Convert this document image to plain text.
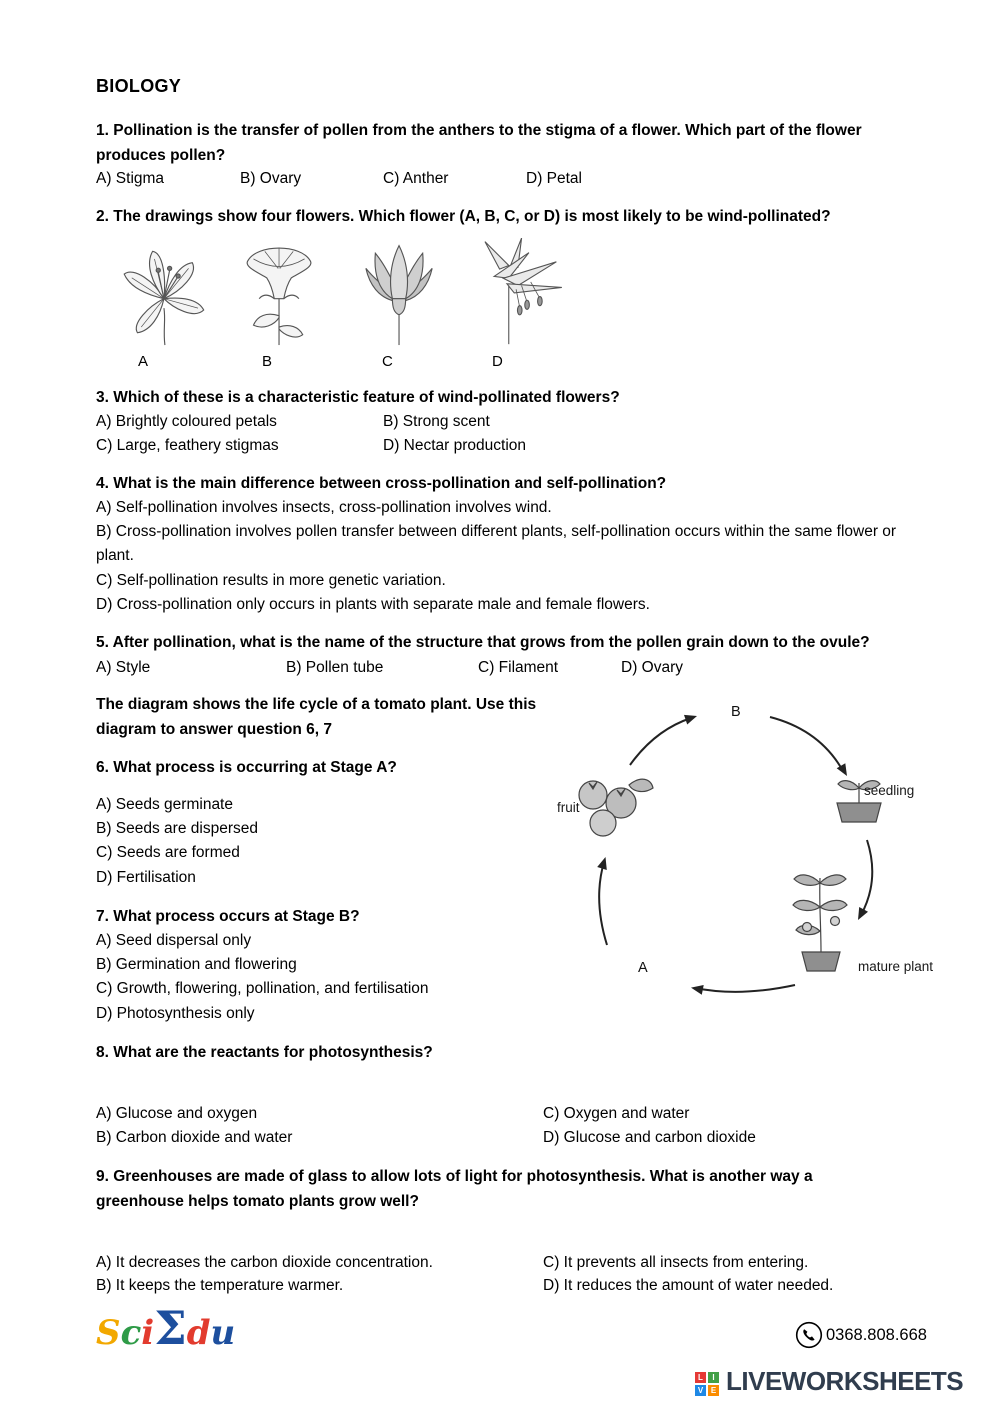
BIOLOGY
1. Pollination is the transfer of pollen from the anthers to the stigma of a flower. Which part of the flower produces pollen?
A) Stigma	B) Ovary	C) Anther	D) Petal
2. The drawings show four flowers. Which flower (A, B, C, or D) is most likely to be wind-pollinated?
A	B	C	D
3. Which of these is a characteristic feature of wind-pollinated flowers?
A) Brightly coloured petals	B) Strong scent
C) Large, feathery stigmas	D) Nectar production
4. What is the main difference between cross-pollination and self-pollination?
A) Self-pollination involves insects, cross-pollination involves wind.
B) Cross-pollination involves pollen transfer between different plants, self-pollination occurs within the same flower or plant.
C) Self-pollination results in more genetic variation.
D) Cross-pollination only occurs in plants with separate male and female flowers.
5. After pollination, what is the name of the structure that grows from the pollen grain down to the ovule?
A) Style	B) Pollen tube	C) Filament	D) Ovary
The diagram shows the life cycle of a tomato plant. Use this diagram to answer question 6, 7
6. What process is occurring at Stage A?
A) Seeds germinate
B) Seeds are dispersed
C) Seeds are formed
D) Fertilisation
B
A
fruit
seedling
mature plant
7. What process occurs at Stage B?
A) Seed dispersal only
B) Germination and flowering
C) Growth, flowering, pollination, and fertilisation
D) Photosynthesis only
8. What are the reactants for photosynthesis?
A) Glucose and oxygen	C) Oxygen and water
B) Carbon dioxide and water	D) Glucose and carbon dioxide
9. Greenhouses are made of glass to allow lots of light for photosynthesis. What is another way a greenhouse helps tomato plants grow well?
A) It decreases the carbon dioxide concentration.	C) It prevents all insects from entering.
B) It keeps the temperature warmer.	D) It reduces the amount of water needed.
SciΣdu	0368.808.668
L	I
V E LIVEWORKSHEETS
